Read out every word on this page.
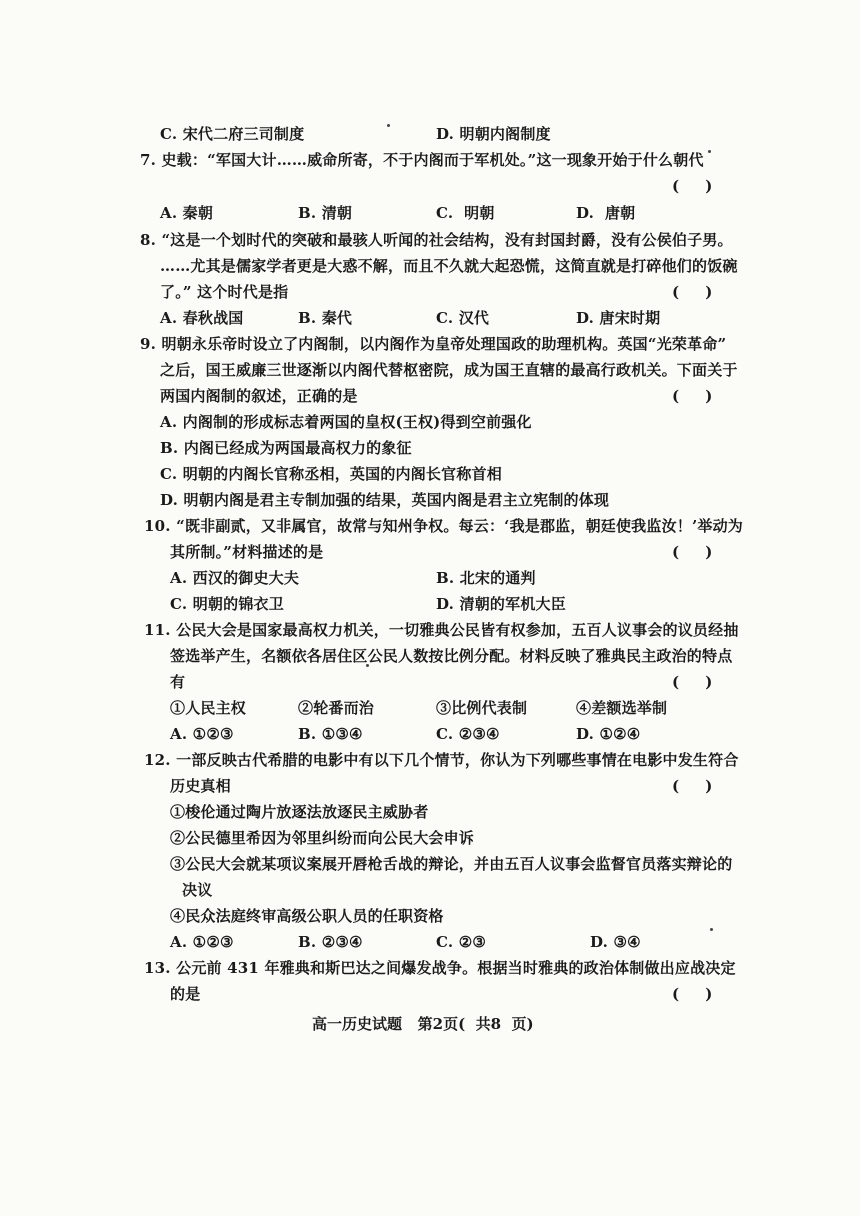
C. 宋代二府三司制度	D. 明朝内阁制度
7. 史载：“军国大计……威命所寄，不于内阁而于军机处。”这一现象开始于什么朝代
(     )
A. 秦朝	B. 清朝	C.  明朝	D.  唐朝
8. “这是一个划时代的突破和最骇人听闻的社会结构，没有封国封爵，没有公侯伯子男。
……尤其是儒家学者更是大惑不解，而且不久就大起恐慌，这简直就是打碎他们的饭碗
了。” 这个时代是指	(     )
A. 春秋战国	B. 秦代	C. 汉代	D. 唐宋时期
9. 明朝永乐帝时设立了内阁制，以内阁作为皇帝处理国政的助理机构。英国“光荣革命”
之后，国王威廉三世逐渐以内阁代替枢密院，成为国王直辖的最高行政机关。下面关于
两国内阁制的叙述，正确的是	(     )
A. 内阁制的形成标志着两国的皇权(王权)得到空前强化
B. 内阁已经成为两国最高权力的象征
C. 明朝的内阁长官称丞相，英国的内阁长官称首相
D. 明朝内阁是君主专制加强的结果，英国内阁是君主立宪制的体现
10. “既非副贰，又非属官，故常与知州争权。每云：‘我是郡监，朝廷使我监汝！’举动为
其所制。”材料描述的是	(     )
A. 西汉的御史大夫	B. 北宋的通判
C. 明朝的锦衣卫	D. 清朝的军机大臣
11. 公民大会是国家最高权力机关，一切雅典公民皆有权参加，五百人议事会的议员经抽
签选举产生，名额依各居住区公民人数按比例分配。材料反映了雅典民主政治的特点
有	(     )
①人民主权	②轮番而治	③比例代表制	④差额选举制
A. ①②③	B. ①③④	C. ②③④	D. ①②④
12. 一部反映古代希腊的电影中有以下几个情节，你认为下列哪些事情在电影中发生符合
历史真相	(     )
①梭伦通过陶片放逐法放逐民主威胁者
②公民德里希因为邻里纠纷而向公民大会申诉
③公民大会就某项议案展开唇枪舌战的辩论，并由五百人议事会监督官员落实辩论的
决议
④民众法庭终审高级公职人员的任职资格
A. ①②③	B. ②③④	C. ②③	D. ③④
13. 公元前 431 年雅典和斯巴达之间爆发战争。根据当时雅典的政治体制做出应战决定
的是	(     )
高一历史试题   第2页(  共8  页)
